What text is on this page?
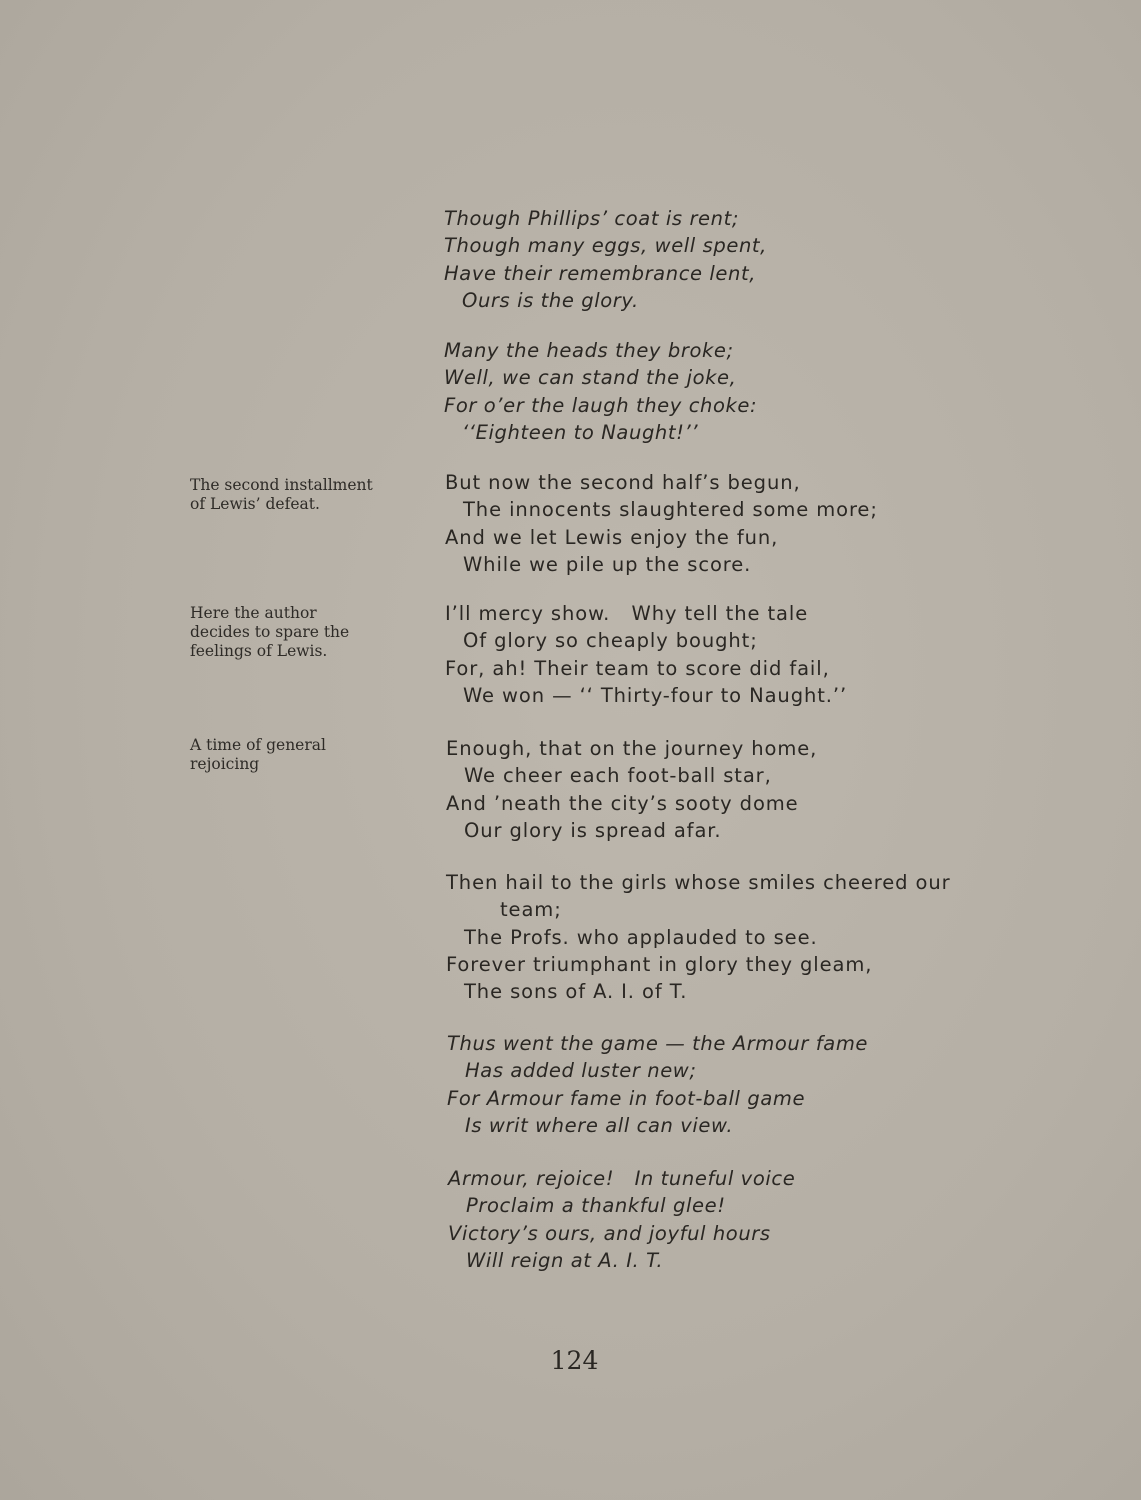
The second installment of Lewis’ defeat.
Here the author decides to spare the feelings of Lewis.
A time of general rejoicing
Though Phillips’ coat is rent;
Though many eggs, well spent,
Have their remembrance lent,
Ours is the glory.
Many the heads they broke;
Well, we can stand the joke,
For o’er the laugh they choke:
‘‘Eighteen to Naught!’’
But now the second half’s begun,
The innocents slaughtered some more;
And we let Lewis enjoy the fun,
While we pile up the score.
I’ll mercy show.   Why tell the tale
Of glory so cheaply bought;
For, ah! Their team to score did fail,
We won — ‘‘ Thirty-four to Naught.’’
Enough, that on the journey home,
We cheer each foot-ball star,
And ’neath the city’s sooty dome
Our glory is spread afar.
Then hail to the girls whose smiles cheered our
team;
The Profs. who applauded to see.
Forever triumphant in glory they gleam,
The sons of A. I. of T.
Thus went the game — the Armour fame
Has added luster new;
For Armour fame in foot-ball game
Is writ where all can view.
Armour, rejoice!   In tuneful voice
Proclaim a thankful glee!
Victory’s ours, and joyful hours
Will reign at A. I. T.
124
